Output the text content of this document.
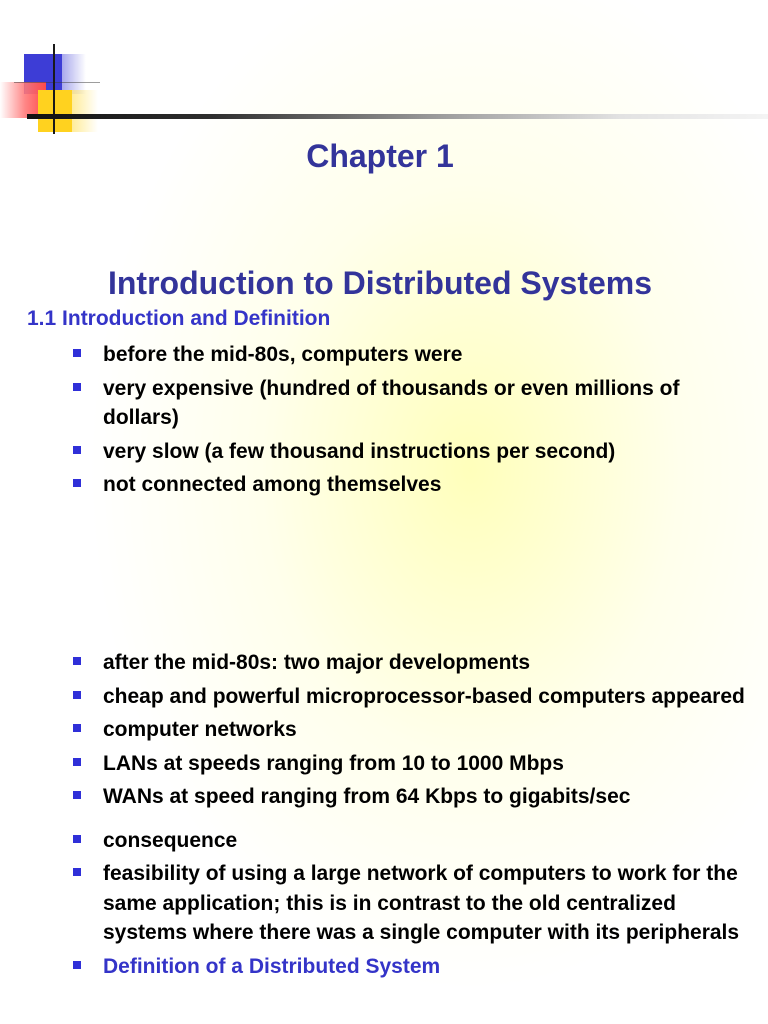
Chapter 1
Introduction to Distributed Systems
1.1 Introduction and Definition
before the mid-80s, computers were
very expensive (hundred of thousands or even millions of dollars)
very slow (a few thousand instructions per second)
not connected among themselves
after the mid-80s: two major developments
cheap and powerful microprocessor-based computers appeared
computer networks
LANs at speeds ranging from 10 to 1000 Mbps
WANs at speed ranging from 64 Kbps to gigabits/sec
consequence
feasibility of using a large network of computers to work for the same application; this is in contrast to the old centralized systems where there was a single computer with its peripherals
Definition of a Distributed System
